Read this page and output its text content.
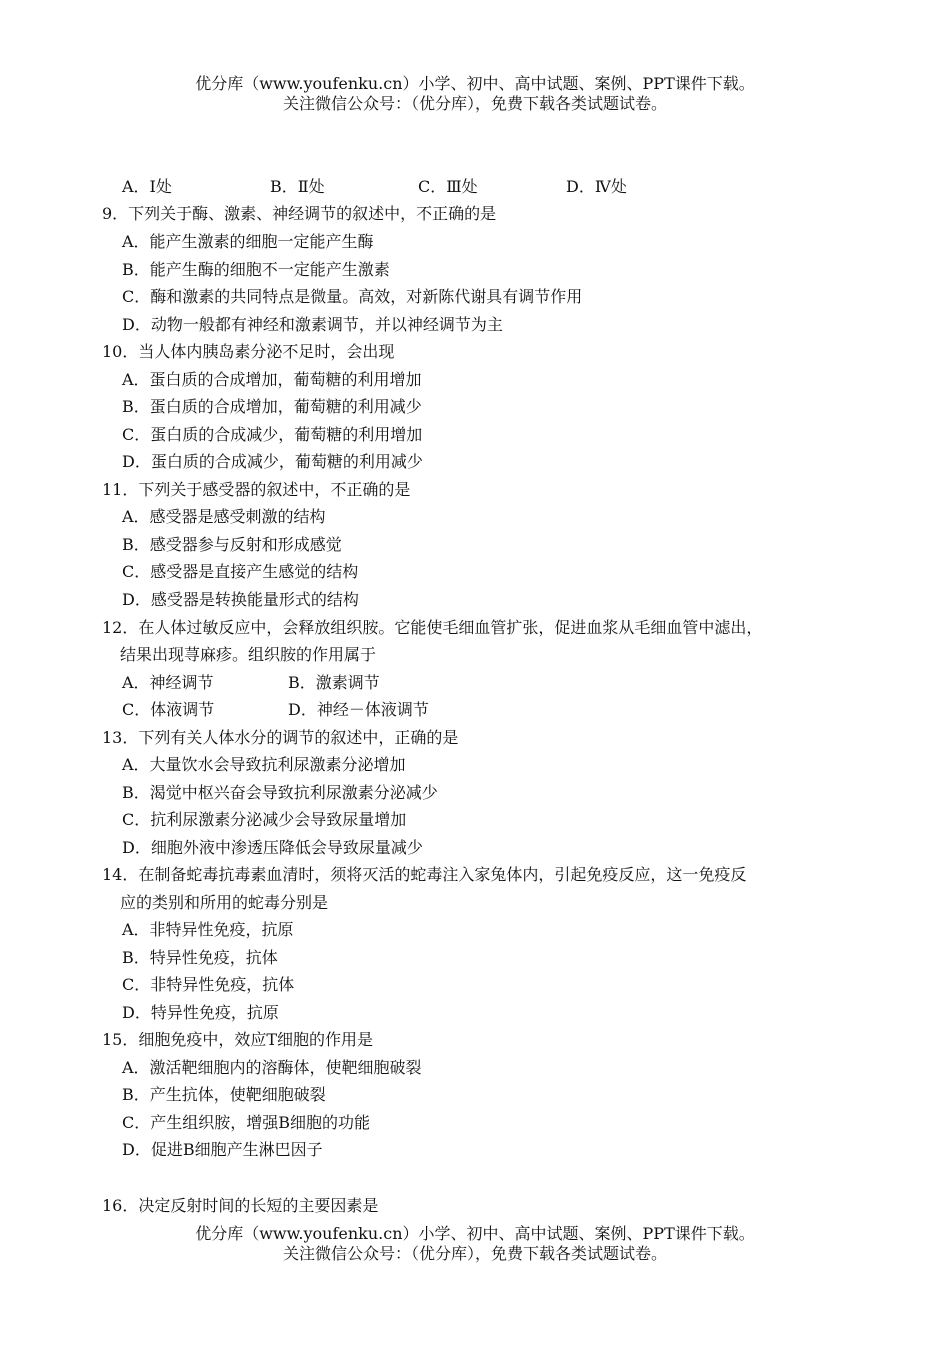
优分库（www.youfenku.cn）小学、初中、高中试题、案例、PPT课件下载。
关注微信公众号：（优分库），免费下载各类试题试卷。
A．Ⅰ处	B．Ⅱ处	C．Ⅲ处	D．Ⅳ处
9．下列关于酶、激素、神经调节的叙述中，不正确的是
A．能产生激素的细胞一定能产生酶
B．能产生酶的细胞不一定能产生激素
C．酶和激素的共同特点是微量。高效，对新陈代谢具有调节作用
D．动物一般都有神经和激素调节，并以神经调节为主
10．当人体内胰岛素分泌不足时，会出现
A．蛋白质的合成增加，葡萄糖的利用增加
B．蛋白质的合成增加，葡萄糖的利用减少
C．蛋白质的合成减少，葡萄糖的利用增加
D．蛋白质的合成减少，葡萄糖的利用减少
11．下列关于感受器的叙述中，不正确的是
A．感受器是感受刺激的结构
B．感受器参与反射和形成感觉
C．感受器是直接产生感觉的结构
D．感受器是转换能量形式的结构
12．在人体过敏反应中，会释放组织胺。它能使毛细血管扩张，促进血浆从毛细血管中滤出，
结果出现荨麻疹。组织胺的作用属于
A．神经调节	B．激素调节
C．体液调节	D．神经－体液调节
13．下列有关人体水分的调节的叙述中，正确的是
A．大量饮水会导致抗利尿激素分泌增加
B．渴觉中枢兴奋会导致抗利尿激素分泌减少
C．抗利尿激素分泌减少会导致尿量增加
D．细胞外液中渗透压降低会导致尿量减少
14．在制备蛇毒抗毒素血清时，须将灭活的蛇毒注入家兔体内，引起免疫反应，这一免疫反
应的类别和所用的蛇毒分别是
A．非特异性免疫，抗原
B．特异性免疫，抗体
C．非特异性免疫，抗体
D．特异性免疫，抗原
15．细胞免疫中，效应T细胞的作用是
A．激活靶细胞内的溶酶体，使靶细胞破裂
B．产生抗体，使靶细胞破裂
C．产生组织胺，增强B细胞的功能
D．促进B细胞产生淋巴因子
16．决定反射时间的长短的主要因素是
优分库（www.youfenku.cn）小学、初中、高中试题、案例、PPT课件下载。
关注微信公众号：（优分库），免费下载各类试题试卷。
